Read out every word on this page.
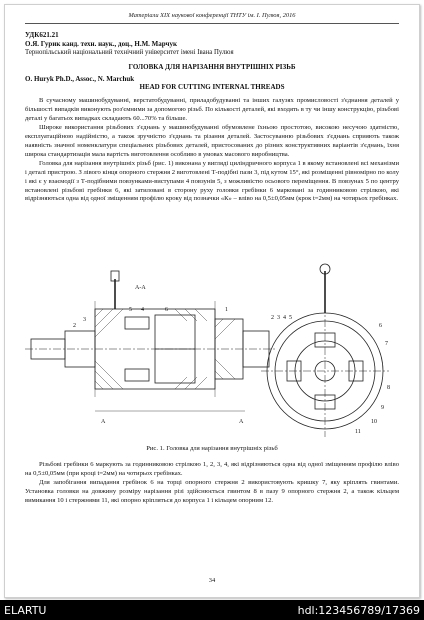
Матеріали XIX наукової конференції ТНТУ ім. І. Пулюя, 2016
УДК621.21
О.Я. Гурик канд. техн. наук., доц., Н.М. Марчук
Тернопільський національний технічний університет імені Івана Пулюя
ГОЛОВКА ДЛЯ НАРІЗАННЯ ВНУТРІШНІХ РІЗЬБ
O. Huryk Ph.D., Assoc., N. Marchuk
HEAD FOR CUTTING INTERNAL THREADS

В сучасному машинобудуванні, верстатобудуванні, приладобудуванні та інших галузях промисловості з'єднання деталей у більшості випадків виконують роз'ємними за допомогою різьб. По кількості деталей, які входять в ту чи іншу конструкцію, різьбові деталі у багатьох випадках складають 60...70% та більше.

Широке використання різьбових з'єднань у машинобудуванні обумовлене їхньою простотою, високою несучою здатністю, експлуатаційною надійністю, а також зручністю з'єднань та різання деталей. Застосуванню різьбових з'єднань сприяють також наявність значної номенклатури спеціальних різьбових деталей, пристосованих до різних конструктивних варіантів з'єднань, їхня широка стандартизація мала вартість виготовлення особливо в умовах масового виробництва.

Головка для нарізання внутрішніх різьб (рис. 1) виконана у вигляді циліндричного корпуса 1 в якому встановлені всі механізми і деталі пристрою. З лівого кінця опорного стержня 2 виготовлені Т-подібні пази 3, під кутом 15°, які розміщенні рівномірно по колу і які є у взаємодії з Т-подібними повзунками-виступами 4 повзунів 5, з можливістю осьового переміщення. В повзунах 5 по центру встановлені різьбові гребінки 6, які затиловані в сторону руху головки гребінки 6 марковані за годинниковою стрілкою, які відрізняються одна від одної зміщенням профілю кроку від позначки «К» – вліво на 0,5±0,05мм (крок t=2мм) на чотирьох гребінках.

А-А
2
3
5 4	6	1
А	А
2 3 4 5
6
7
8
9
10
11
Рис. 1. Головка для нарізання внутрішніх різьб

Різьбові гребінки 6 маркують за годинниковою стрілкою 1, 2, 3, 4, які відрізняються одна від одної зміщенням профілю вліво на 0,5±0,05мм (при кроці t=2мм) на чотирьох гребінках.

Для запобігання випадання гребінок 6 на торці опорного стержня 2 використовують кришку 7, яку кріплять гвинтами. Установка головки на довжину розміру нарізання різі здійснюється гвинтом 8 в пазу 9 опорного стержня 2, а також кільцем вимикання 10 і стержнями 11, які опорно кріпляться до корпуса 1 і кільцем опорним 12.

34
ELARTU	hdl:123456789/17369
